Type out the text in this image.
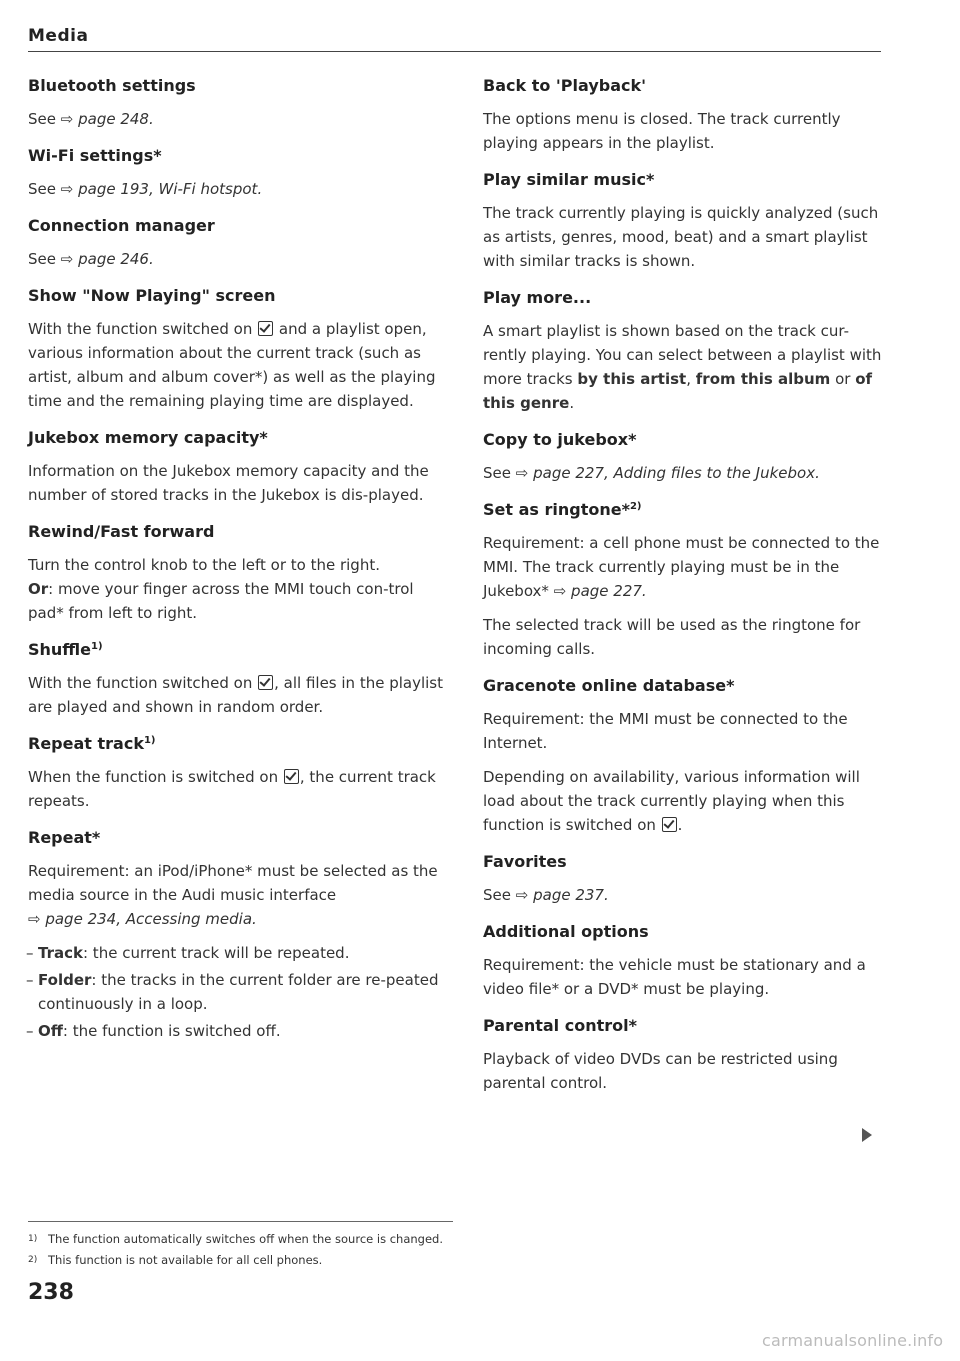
Media
Bluetooth settings

See ⇨ page 248.

Wi-Fi settings*

See ⇨ page 193, Wi-Fi hotspot.

Connection manager

See ⇨ page 246.

Show "Now Playing" screen

With the function switched on and a playlist open, various information about the current track (such as artist, album and album cover*) as well as the playing time and the remaining playing time are displayed.

Jukebox memory capacity*

Information on the Jukebox memory capacity and the number of stored tracks in the Jukebox is dis-played.

Rewind/Fast forward

Turn the control knob to the left or to the right.
Or: move your finger across the MMI touch con-trol pad* from left to right.

Shuffle$^{1)}$

With the function switched on , all files in the playlist are played and shown in random order.

Repeat track$^{1)}$

When the function is switched on , the current track repeats.

Repeat*

Requirement: an iPod/iPhone* must be selected as the media source in the Audi music interface
⇨ page 234, Accessing media.

– Track: the current track will be repeated.
– Folder: the tracks in the current folder are re-peated continuously in a loop.
– Off: the function is switched off.
Back to 'Playback'

The options menu is closed. The track currently playing appears in the playlist.

Play similar music*

The track currently playing is quickly analyzed (such as artists, genres, mood, beat) and a smart playlist with similar tracks is shown.

Play more...

A smart playlist is shown based on the track cur-rently playing. You can select between a playlist with more tracks by this artist, from this album or of this genre.

Copy to jukebox*

See ⇨ page 227, Adding files to the Jukebox.

Set as ringtone*$^{2)}$

Requirement: a cell phone must be connected to the MMI. The track currently playing must be in the Jukebox* ⇨ page 227.

The selected track will be used as the ringtone for incoming calls.

Gracenote online database*

Requirement: the MMI must be connected to the Internet.

Depending on availability, various information will load about the track currently playing when this function is switched on .

Favorites

See ⇨ page 237.

Additional options

Requirement: the vehicle must be stationary and a video file* or a DVD* must be playing.

Parental control*

Playback of video DVDs can be restricted using parental control.

1) The function automatically switches off when the source is changed.
2) This function is not available for all cell phones.
238
carmanualsonline.info
